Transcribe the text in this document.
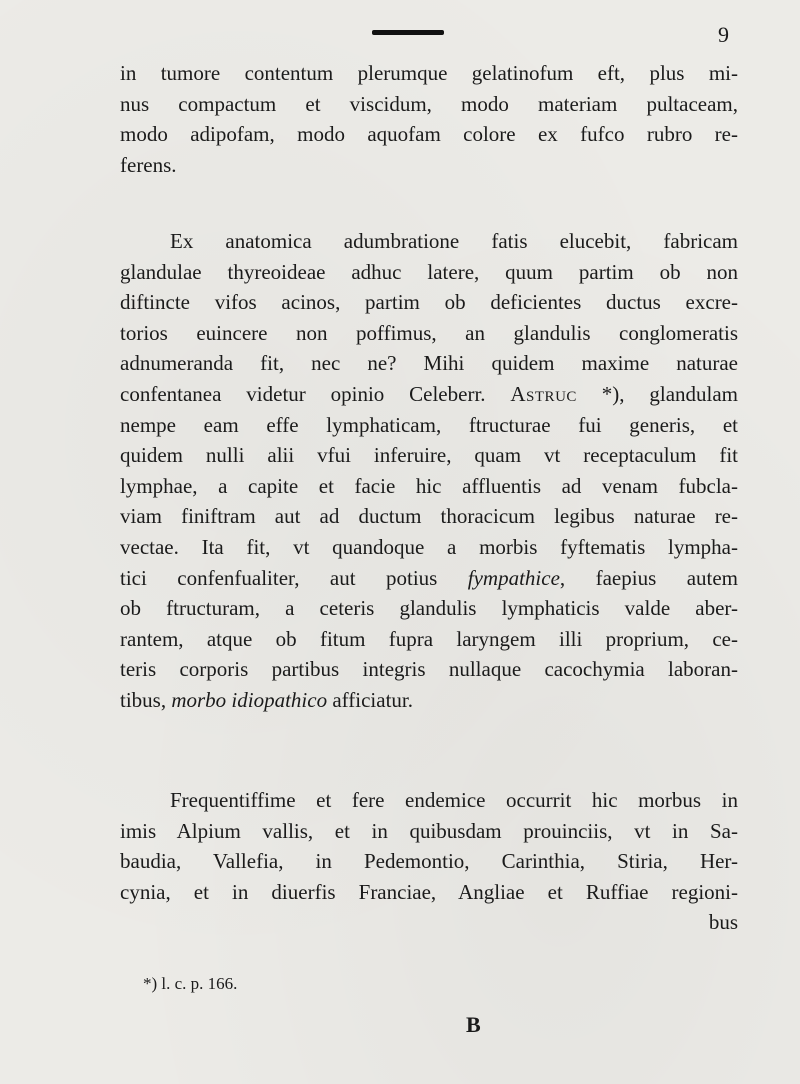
9
in tumore contentum plerumque gelatinofum eft, plus mi-
nus compactum et viscidum, modo materiam pultaceam,
modo adipofam, modo aquofam colore ex fufco rubro re-
ferens.
Ex anatomica adumbratione fatis elucebit, fabricam
glandulae thyreoideae adhuc latere, quum partim ob non
diftincte vifos acinos, partim ob deficientes ductus excre-
torios euincere non poffimus, an glandulis conglomeratis
adnumeranda fit, nec ne? Mihi quidem maxime naturae
confentanea videtur opinio Celeberr. Astruc *), glandulam
nempe eam effe lymphaticam, ftructurae fui generis, et
quidem nulli alii vfui inferuire, quam vt receptaculum fit
lymphae, a capite et facie hic affluentis ad venam fubcla-
viam finiftram aut ad ductum thoracicum legibus naturae re-
vectae. Ita fit, vt quandoque a morbis fyftematis lympha-
tici confenfualiter, aut potius fympathice, faepius autem
ob ftructuram, a ceteris glandulis lymphaticis valde aber-
rantem, atque ob fitum fupra laryngem illi proprium, ce-
teris corporis partibus integris nullaque cacochymia laboran-
tibus, morbo idiopathico afficiatur.
Frequentiffime et fere endemice occurrit hic morbus in
imis Alpium vallis, et in quibusdam prouinciis, vt in Sa-
baudia, Vallefia, in Pedemontio, Carinthia, Stiria, Her-
cynia, et in diuerfis Franciae, Angliae et Ruffiae regioni-
bus
*) l. c. p. 166.
B
